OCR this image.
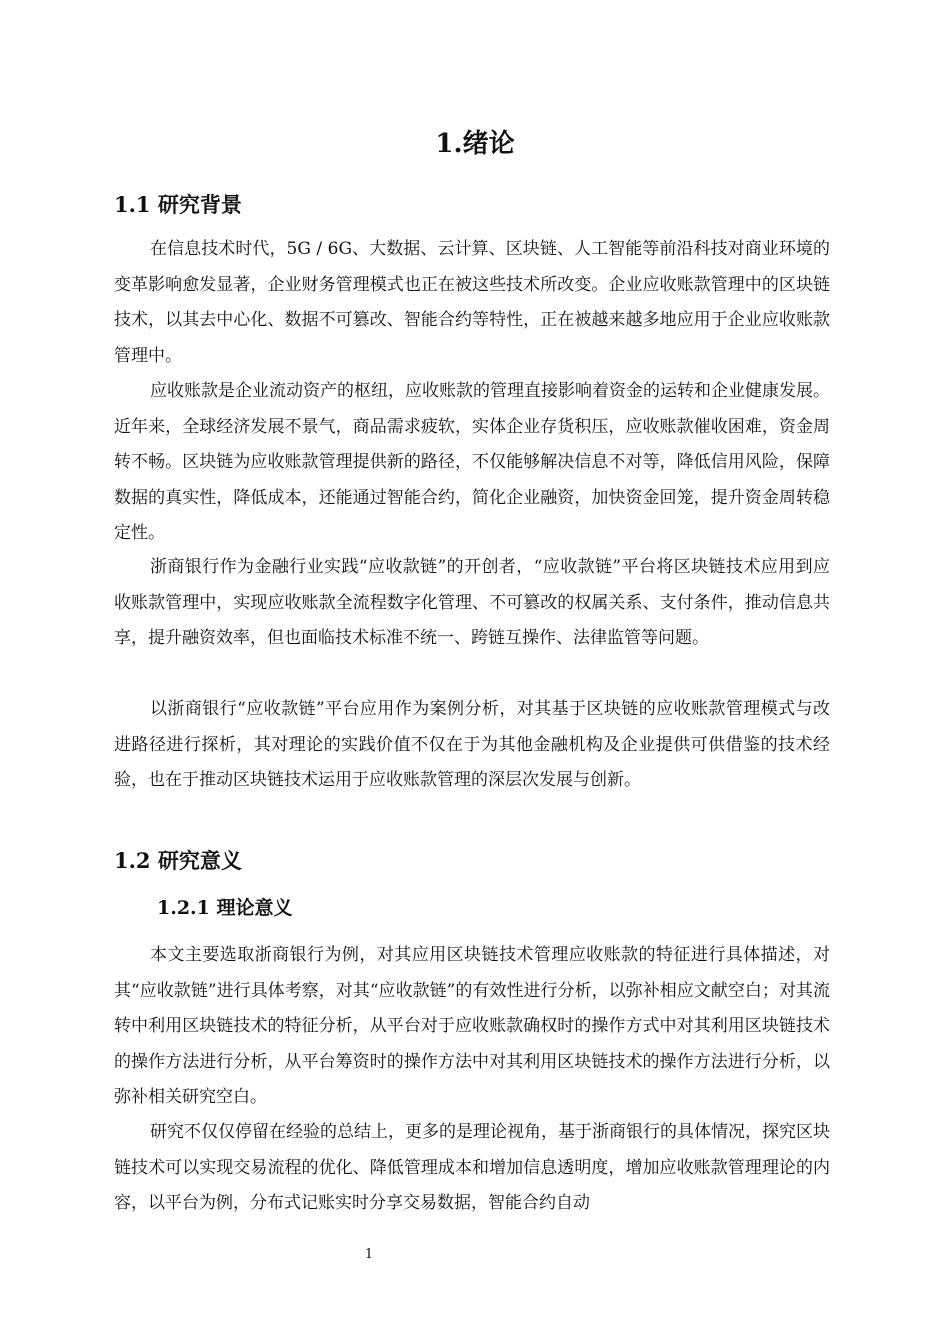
1.绪论
1.1 研究背景

在信息技术时代，5G / 6G、大数据、云计算、区块链、人工智能等前沿科技对商业环境的变革影响愈发显著，企业财务管理模式也正在被这些技术所改变。企业应收账款管理中的区块链技术，以其去中心化、数据不可篡改、智能合约等特性，正在被越来越多地应用于企业应收账款管理中。

应收账款是企业流动资产的枢纽，应收账款的管理直接影响着资金的运转和企业健康发展。近年来，全球经济发展不景气，商品需求疲软，实体企业存货积压，应收账款催收困难，资金周转不畅。区块链为应收账款管理提供新的路径，不仅能够解决信息不对等，降低信用风险，保障数据的真实性，降低成本，还能通过智能合约，简化企业融资，加快资金回笼，提升资金周转稳定性。

浙商银行作为金融行业实践“应收款链”的开创者，“应收款链”平台将区块链技术应用到应收账款管理中，实现应收账款全流程数字化管理、不可篡改的权属关系、支付条件，推动信息共享，提升融资效率，但也面临技术标准不统一、跨链互操作、法律监管等问题。

以浙商银行“应收款链”平台应用作为案例分析，对其基于区块链的应收账款管理模式与改进路径进行探析，其对理论的实践价值不仅在于为其他金融机构及企业提供可供借鉴的技术经验，也在于推动区块链技术运用于应收账款管理的深层次发展与创新。

1.2 研究意义
1.2.1 理论意义

本文主要选取浙商银行为例，对其应用区块链技术管理应收账款的特征进行具体描述，对其“应收款链”进行具体考察，对其“应收款链”的有效性进行分析，以弥补相应文献空白；对其流转中利用区块链技术的特征分析，从平台对于应收账款确权时的操作方式中对其利用区块链技术的操作方法进行分析，从平台筹资时的操作方法中对其利用区块链技术的操作方法进行分析，以弥补相关研究空白。

研究不仅仅停留在经验的总结上，更多的是理论视角，基于浙商银行的具体情况，探究区块链技术可以实现交易流程的优化、降低管理成本和增加信息透明度，增加应收账款管理理论的内容，以平台为例，分布式记账实时分享交易数据，智能合约自动

1
